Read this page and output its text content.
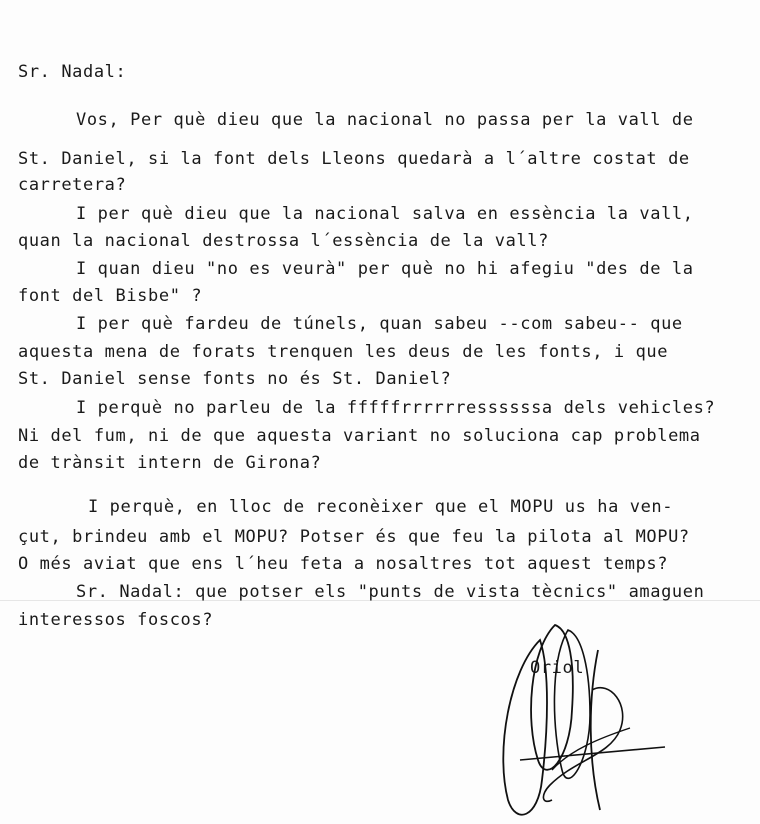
Sr. Nadal:
Vos, Per què dieu que la nacional no passa per la vall de
St. Daniel, si la font dels Lleons quedarà a l´altre costat de
carretera?
I per què dieu que la nacional salva en essència la vall,
quan la nacional destrossa l´essència de la vall?
I quan dieu "no es veurà" per què no hi afegiu "des de la
font del Bisbe" ?
I per què fardeu de túnels, quan sabeu --com sabeu-- que
aquesta mena de forats trenquen les deus de les fonts, i que
St. Daniel sense fonts no és St. Daniel?
I perquè no parleu de la fffffrrrrrressssssa dels vehicles?
Ni del fum, ni de que aquesta variant no soluciona cap problema
de trànsit intern de Girona?
I perquè, en lloc de reconèixer que el MOPU us ha ven-
çut, brindeu amb el MOPU? Potser és que feu la pilota al MOPU?
O més aviat que ens l´heu feta a nosaltres tot aquest temps?
Sr. Nadal: que potser els "punts de vista tècnics" amaguen
interessos foscos?
Oriol
